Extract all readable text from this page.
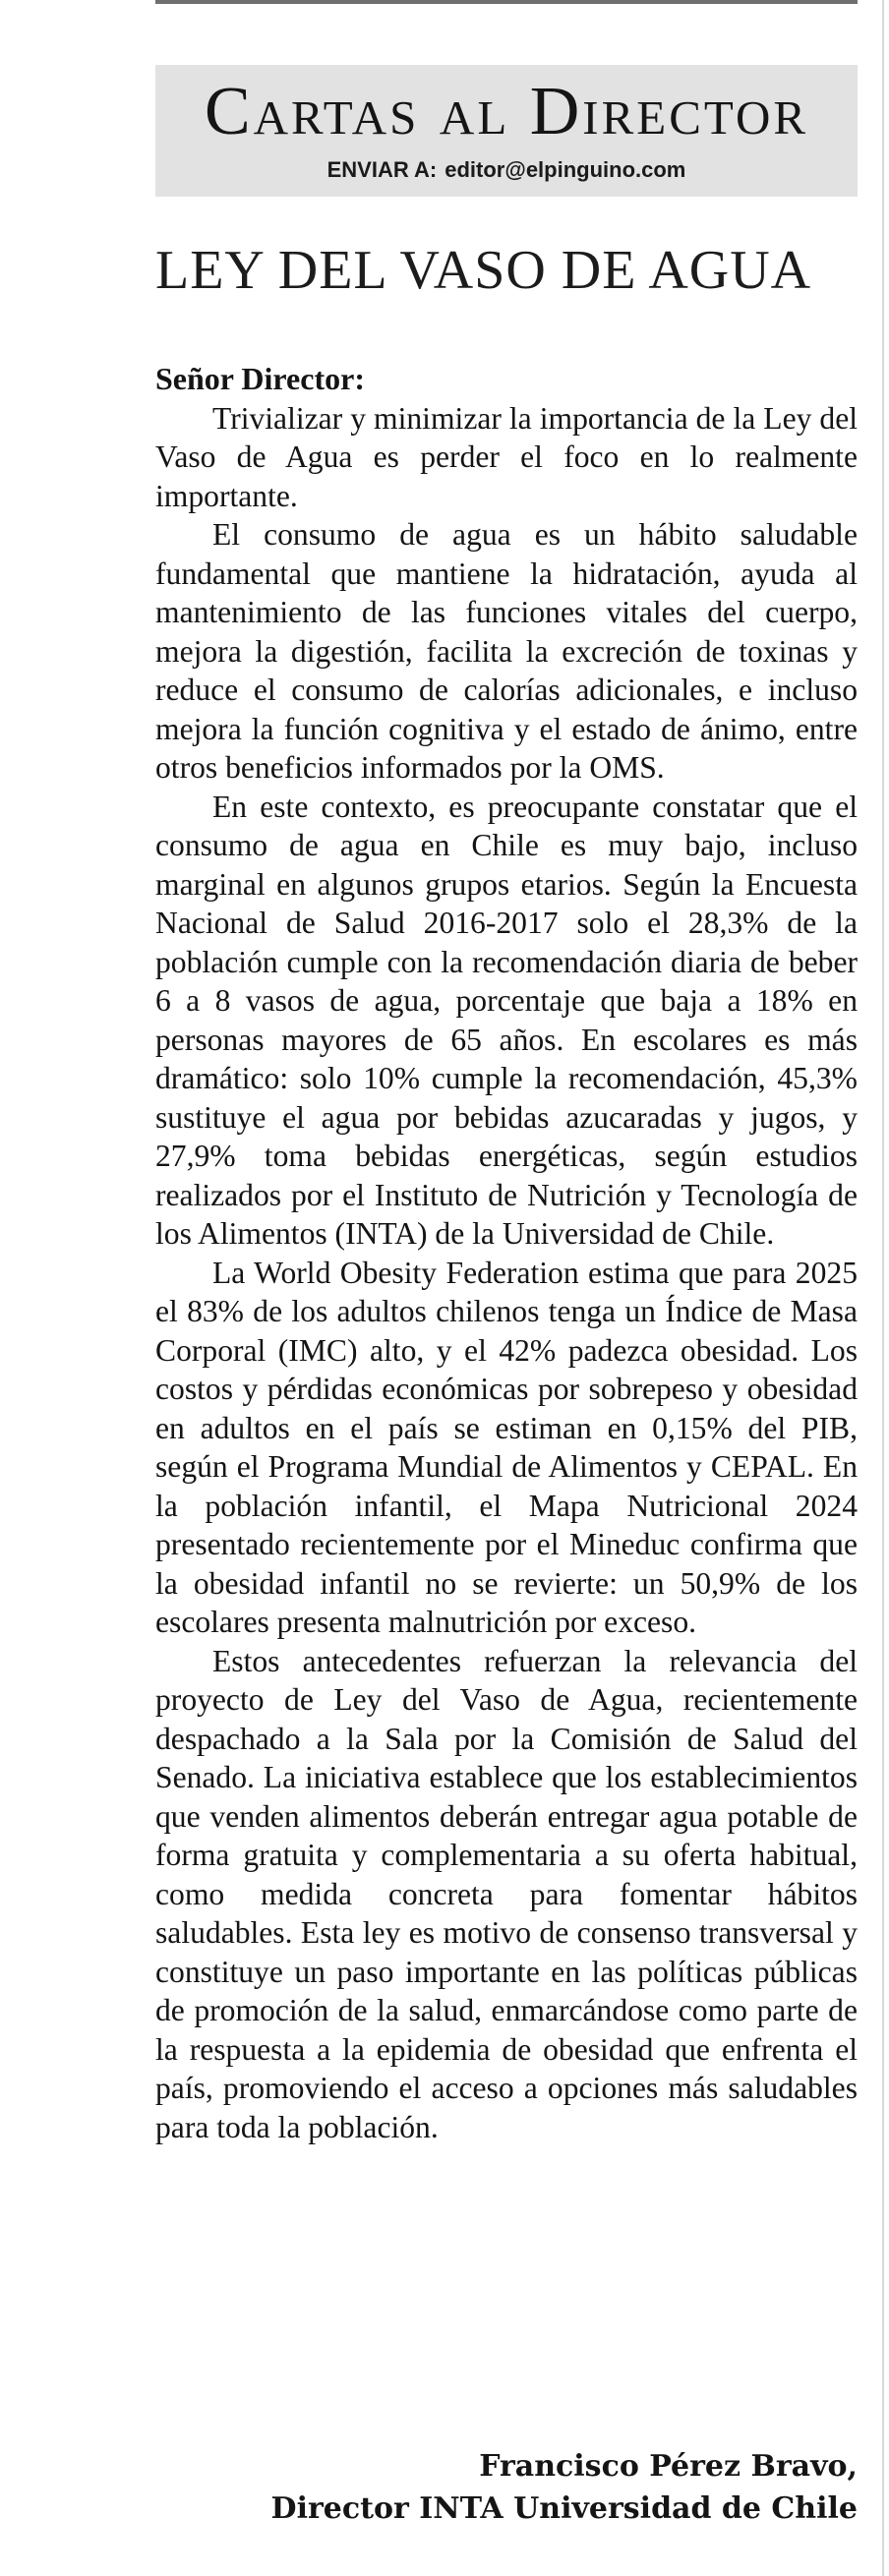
Cartas al Director
ENVIAR A: editor@elpinguino.com
LEY DEL VASO DE AGUA

Señor Director:

Trivializar y minimizar la importancia de la Ley del Vaso de Agua es perder el foco en lo realmente importante.

El consumo de agua es un hábito saludable fundamental que mantiene la hidratación, ayuda al mantenimiento de las funciones vitales del cuerpo, mejora la digestión, facilita la excreción de toxinas y reduce el consumo de calorías adicionales, e incluso mejora la función cognitiva y el estado de ánimo, entre otros beneficios informados por la OMS.

En este contexto, es preocupante constatar que el consumo de agua en Chile es muy bajo, incluso marginal en algunos grupos etarios. Según la Encuesta Nacional de Salud 2016-2017 solo el 28,3% de la población cumple con la recomendación diaria de beber 6 a 8 vasos de agua, porcentaje que baja a 18% en personas mayores de 65 años. En escolares es más dramático: solo 10% cumple la recomendación, 45,3% sustituye el agua por bebidas azucaradas y jugos, y 27,9% toma bebidas energéticas, según estudios realizados por el Instituto de Nutrición y Tecnología de los Alimentos (INTA) de la Universidad de Chile.

La World Obesity Federation estima que para 2025 el 83% de los adultos chilenos tenga un Índice de Masa Corporal (IMC) alto, y el 42% padezca obesidad. Los costos y pérdidas económicas por sobrepeso y obesidad en adultos en el país se estiman en 0,15% del PIB, según el Programa Mundial de Alimentos y CEPAL. En la población infantil, el Mapa Nutricional 2024 presentado recientemente por el Mineduc confirma que la obesidad infantil no se revierte: un 50,9% de los escolares presenta malnutrición por exceso.

Estos antecedentes refuerzan la relevancia del proyecto de Ley del Vaso de Agua, recientemente despachado a la Sala por la Comisión de Salud del Senado. La iniciativa establece que los establecimientos que venden alimentos deberán entregar agua potable de forma gratuita y complementaria a su oferta habitual, como medida concreta para fomentar hábitos saludables. Esta ley es motivo de consenso transversal y constituye un paso importante en las políticas públicas de promoción de la salud, enmarcándose como parte de la respuesta a la epidemia de obesidad que enfrenta el país, promoviendo el acceso a opciones más saludables para toda la población.

Francisco Pérez Bravo,
Director INTA Universidad de Chile
